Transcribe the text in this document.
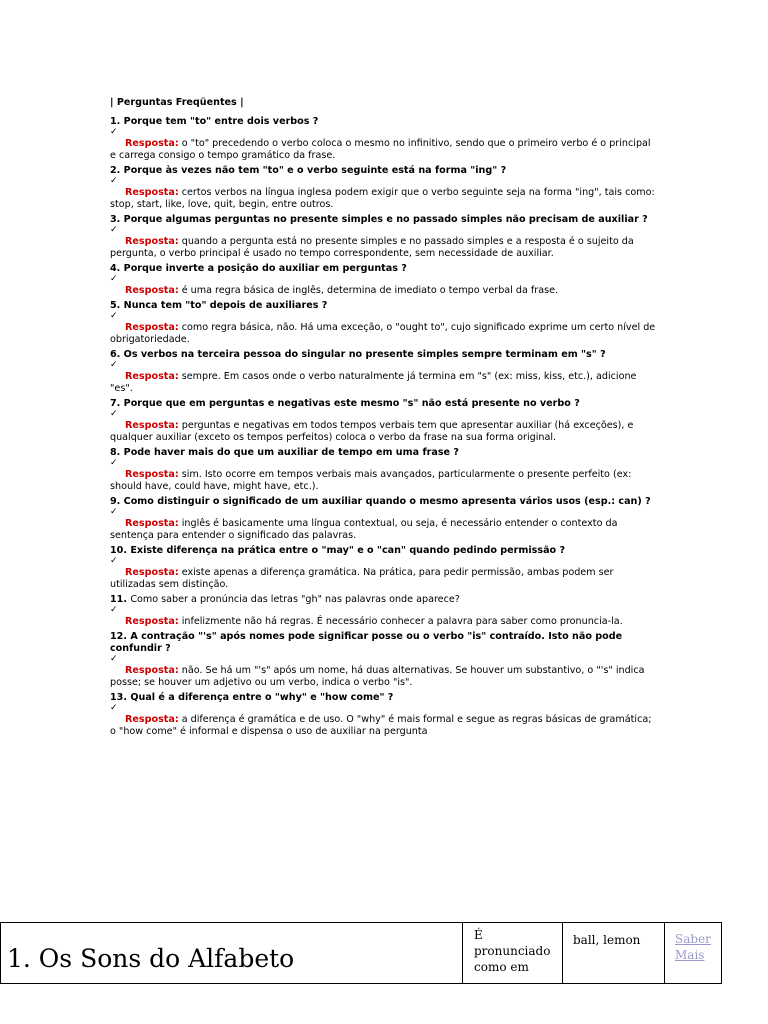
| Perguntas Freqüentes |
1. Porque tem "to" entre dois verbos ?
✓
Resposta: o "to" precedendo o verbo coloca o mesmo no infinitivo, sendo que o primeiro verbo é o principal e carrega consigo o tempo gramático da frase.
2. Porque às vezes não tem "to" e o verbo seguinte está na forma "ing" ?
✓
Resposta: certos verbos na língua inglesa podem exigir que o verbo seguinte seja na forma "ing", tais como: stop, start, like, love, quit, begin, entre outros.
3. Porque algumas perguntas no presente simples e no passado simples não precisam de auxiliar ?
✓
Resposta: quando a pergunta está no presente simples e no passado simples e a resposta é o sujeito da pergunta, o verbo principal é usado no tempo correspondente, sem necessidade de auxiliar.
4. Porque inverte a posição do auxiliar em perguntas ?
✓
Resposta: é uma regra básica de inglês, determina de imediato o tempo verbal da frase.
5. Nunca tem "to" depois de auxiliares ?
✓
Resposta: como regra básica, não. Há uma exceção, o "ought to", cujo significado exprime um certo nível de obrigatoriedade.
6. Os verbos na terceira pessoa do singular no presente simples sempre terminam em "s" ?
✓
Resposta: sempre. Em casos onde o verbo naturalmente já termina em "s" (ex: miss, kiss, etc.), adicione "es".
7. Porque que em perguntas e negativas este mesmo "s" não está presente no verbo ?
✓
Resposta: perguntas e negativas em todos tempos verbais tem que apresentar auxiliar (há exceções), e qualquer auxiliar (exceto os tempos perfeitos) coloca o verbo da frase na sua forma original.
8. Pode haver mais do que um auxiliar de tempo em uma frase ?
✓
Resposta: sim. Isto ocorre em tempos verbais mais avançados, particularmente o presente perfeito (ex: should have, could have, might have, etc.).
9. Como distinguir o significado de um auxiliar quando o mesmo apresenta vários usos (esp.: can) ?
✓
Resposta: inglês é basicamente uma língua contextual, ou seja, é necessário entender o contexto da sentença para entender o significado das palavras.
10. Existe diferença na prática entre o "may" e o "can" quando pedindo permissão ?
✓
Resposta: existe apenas a diferença gramática. Na prática, para pedir permissão, ambas podem ser utilizadas sem distinção.
11. Como saber a pronúncia das letras "gh" nas palavras onde aparece?
✓
Resposta: infelizmente não há regras. É necessário conhecer a palavra para saber como pronuncia-la.
12. A contração "'s" após nomes pode significar posse ou o verbo "is" contraído. Isto não pode confundir ?
✓
Resposta: não. Se há um "'s" após um nome, há duas alternativas. Se houver um substantivo, o "'s" indica posse; se houver um adjetivo ou um verbo, indica o verbo "is".
13. Qual é a diferença entre o "why" e "how come" ?
✓
Resposta: a diferença é gramática e de uso. O "why" é mais formal e segue as regras básicas de gramática; o "how come" é informal e dispensa o uso de auxiliar na pergunta
1. Os Sons do Alfabeto	É pronunciado como em	ball, lemon	Saber Mais
